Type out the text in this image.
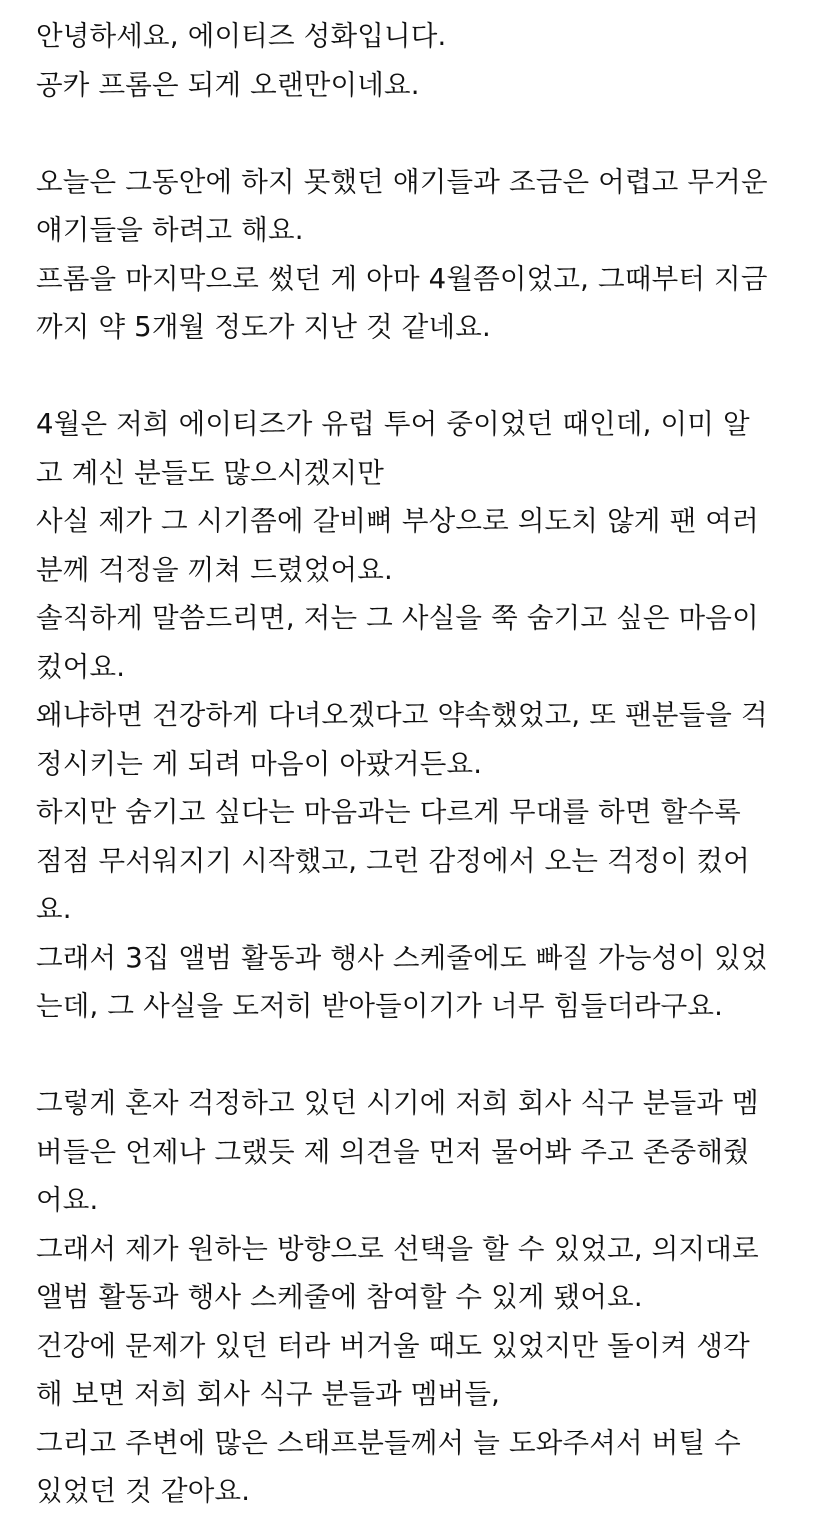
안녕하세요, 에이티즈 성화입니다.
공카 프롬은 되게 오랜만이네요.
오늘은 그동안에 하지 못했던 얘기들과 조금은 어렵고 무거운
얘기들을 하려고 해요.
프롬을 마지막으로 썼던 게 아마 4월쯤이었고, 그때부터 지금
까지 약 5개월 정도가 지난 것 같네요.
4월은 저희 에이티즈가 유럽 투어 중이었던 때인데, 이미 알
고 계신 분들도 많으시겠지만
사실 제가 그 시기쯤에 갈비뼈 부상으로 의도치 않게 팬 여러
분께 걱정을 끼쳐 드렸었어요.
솔직하게 말씀드리면, 저는 그 사실을 쭉 숨기고 싶은 마음이
컸어요.
왜냐하면 건강하게 다녀오겠다고 약속했었고, 또 팬분들을 걱
정시키는 게 되려 마음이 아팠거든요.
하지만 숨기고 싶다는 마음과는 다르게 무대를 하면 할수록
점점 무서워지기 시작했고, 그런 감정에서 오는 걱정이 컸어
요.
그래서 3집 앨범 활동과 행사 스케줄에도 빠질 가능성이 있었
는데, 그 사실을 도저히 받아들이기가 너무 힘들더라구요.
그렇게 혼자 걱정하고 있던 시기에 저희 회사 식구 분들과 멤
버들은 언제나 그랬듯 제 의견을 먼저 물어봐 주고 존중해줬
어요.
그래서 제가 원하는 방향으로 선택을 할 수 있었고, 의지대로
앨범 활동과 행사 스케줄에 참여할 수 있게 됐어요.
건강에 문제가 있던 터라 버거울 때도 있었지만 돌이켜 생각
해 보면 저희 회사 식구 분들과 멤버들,
그리고 주변에 많은 스태프분들께서 늘 도와주셔서 버틸 수
있었던 것 같아요.
